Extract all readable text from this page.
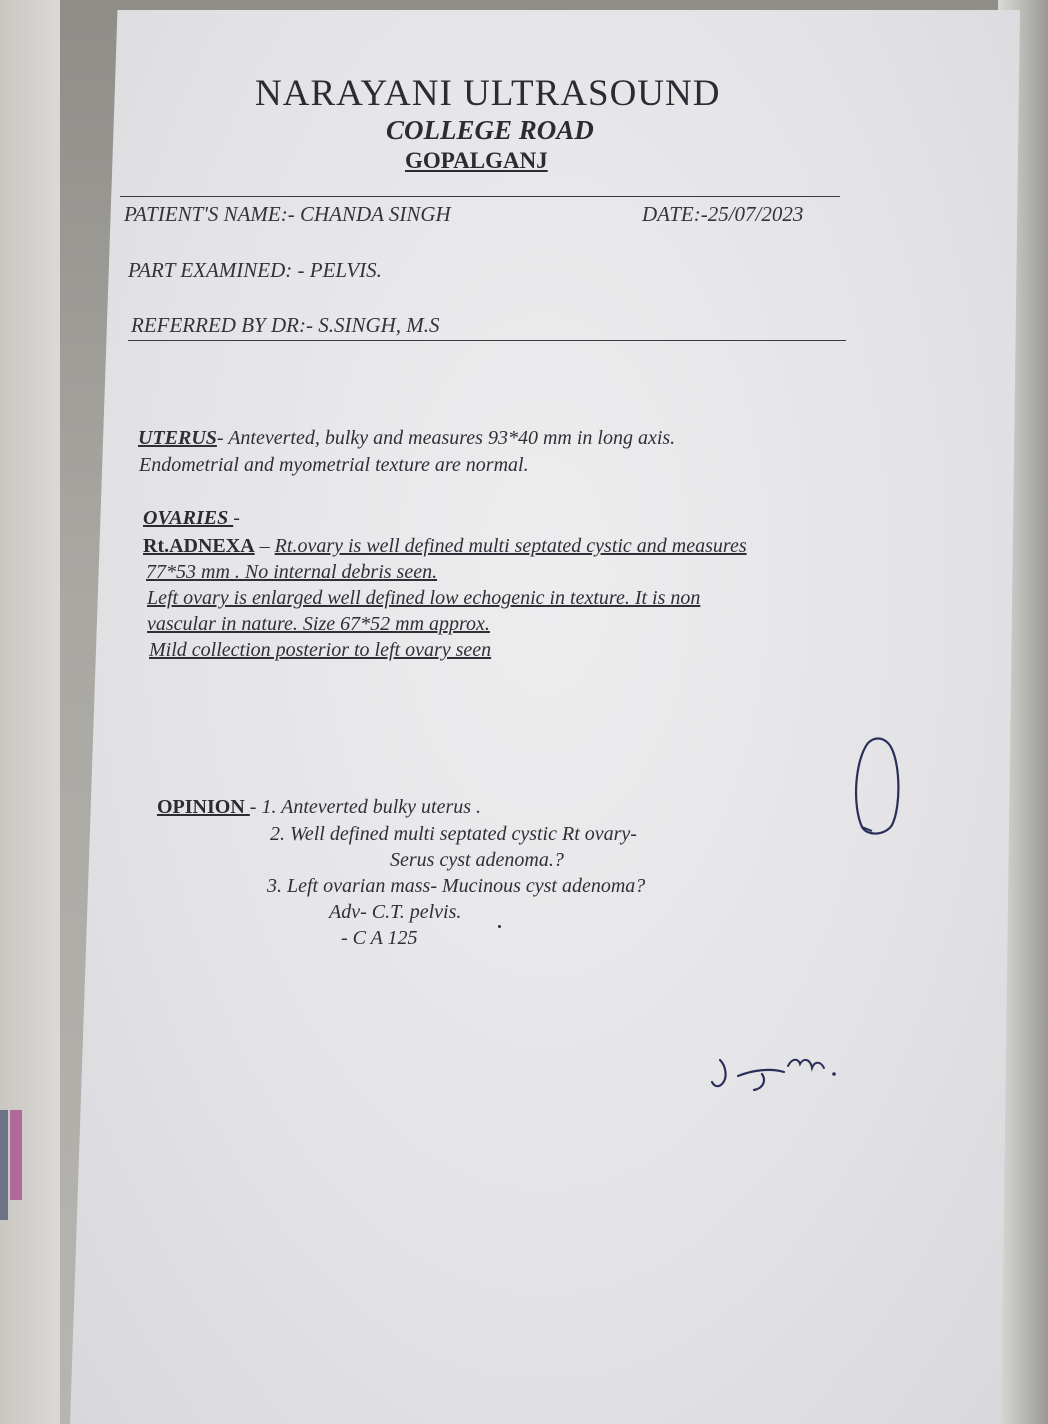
NARAYANI ULTRASOUND
COLLEGE ROAD
GOPALGANJ
PATIENT'S NAME:- CHANDA SINGH	DATE:-25/07/2023
PART EXAMINED: - PELVIS.
REFERRED BY DR:- S.SINGH, M.S
UTERUS- Anteverted, bulky and measures 93*40 mm in long axis.
Endometrial and myometrial texture are normal.
OVARIES -
Rt.ADNEXA – Rt.ovary is well defined multi septated cystic and measures
77*53 mm . No internal debris seen.
Left ovary is enlarged well defined low echogenic in texture. It is non
vascular in nature. Size 67*52 mm approx.
Mild collection posterior to left ovary seen
OPINION - 1. Anteverted bulky uterus .
2. Well defined multi septated cystic Rt ovary-
Serus cyst adenoma.?
3. Left ovarian mass- Mucinous cyst adenoma?
Adv- C.T. pelvis.
- C A 125
